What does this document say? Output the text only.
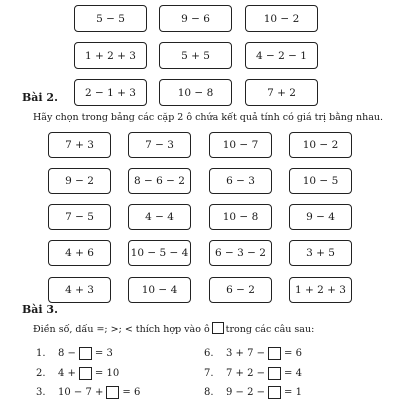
5 − 5	9 − 6	10 − 2
1 + 2 + 3	5 + 5	4 − 2 − 1
Bài 2.	2 − 1 + 3	10 − 8	7 + 2
Hãy chọn trong bảng các cặp 2 ô chứa kết quả tính có giá trị bằng nhau.
7 + 3	7 − 3	10 − 7	10 − 2
9 − 2	8 − 6 − 2	6 − 3	10 − 5
7 − 5	4 − 4	10 − 8	9 − 4
4 + 6	10 − 5 − 4	6 − 3 − 2	3 + 5
4 + 3	10 − 4	6 − 2	1 + 2 + 3
Bài 3.
Điền số, dấu =; >; < thích hợp vào ô trong các câu sau:
1.	8 − = 3	6.	3 + 7 − = 6
2.	4 + = 10	7.	7 + 2 − = 4
3.	10 − 7 + = 6	8.	9 − 2 − = 1
